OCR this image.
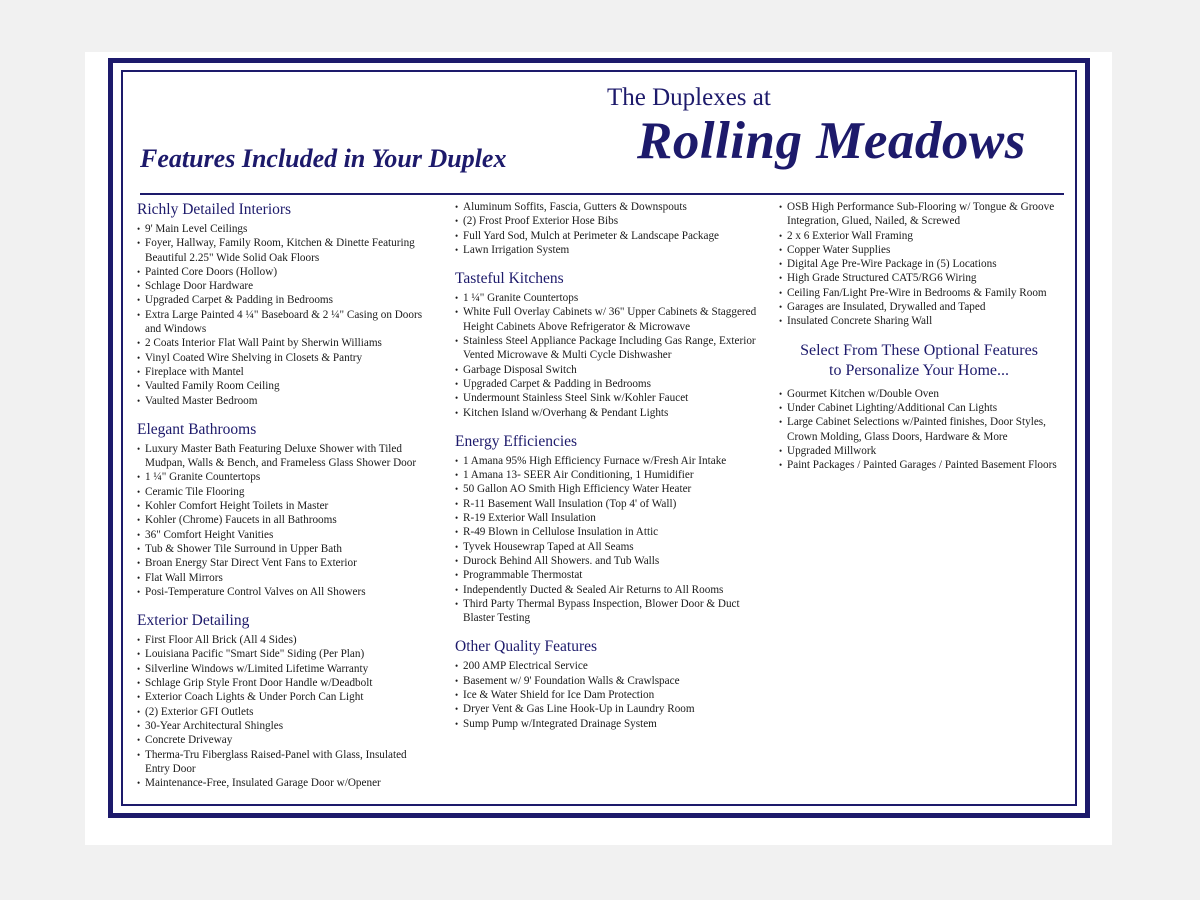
The Duplexes at
Rolling Meadows
Features Included in Your Duplex
Richly Detailed Interiors
• 9' Main Level Ceilings
• Foyer, Hallway, Family Room, Kitchen & Dinette Featuring Beautiful 2.25" Wide Solid Oak Floors
• Painted Core Doors (Hollow)
• Schlage Door Hardware
• Upgraded Carpet & Padding in Bedrooms
• Extra Large Painted 4 ¼" Baseboard & 2 ¼" Casing on Doors and Windows
• 2 Coats Interior Flat Wall Paint by Sherwin Williams
• Vinyl Coated Wire Shelving in Closets & Pantry
• Fireplace with Mantel
• Vaulted Family Room Ceiling
• Vaulted Master Bedroom
Elegant Bathrooms
• Luxury Master Bath Featuring Deluxe Shower with Tiled Mudpan, Walls & Bench, and Frameless Glass Shower Door
• 1 ¼" Granite Countertops
• Ceramic Tile Flooring
• Kohler Comfort Height Toilets in Master
• Kohler (Chrome) Faucets in all Bathrooms
• 36" Comfort Height Vanities
• Tub & Shower Tile Surround in Upper Bath
• Broan Energy Star Direct Vent Fans to Exterior
• Flat Wall Mirrors
• Posi-Temperature Control Valves on All Showers
Exterior Detailing
• First Floor All Brick (All 4 Sides)
• Louisiana Pacific "Smart Side" Siding (Per Plan)
• Silverline Windows w/Limited Lifetime Warranty
• Schlage Grip Style Front Door Handle w/Deadbolt
• Exterior Coach Lights & Under Porch Can Light
• (2) Exterior GFI Outlets
• 30-Year Architectural Shingles
• Concrete Driveway
• Therma-Tru Fiberglass Raised-Panel with Glass, Insulated Entry Door
• Maintenance-Free, Insulated Garage Door w/Opener
• Aluminum Soffits, Fascia, Gutters & Downspouts
• (2) Frost Proof Exterior Hose Bibs
• Full Yard Sod, Mulch at Perimeter & Landscape Package
• Lawn Irrigation System
Tasteful Kitchens
• 1 ¼" Granite Countertops
• White Full Overlay Cabinets w/ 36" Upper Cabinets & Staggered Height Cabinets Above Refrigerator & Microwave
• Stainless Steel Appliance Package Including Gas Range, Exterior Vented Microwave & Multi Cycle Dishwasher
• Garbage Disposal Switch
• Upgraded Carpet & Padding in Bedrooms
• Undermount Stainless Steel Sink w/Kohler Faucet
• Kitchen Island w/Overhang & Pendant Lights
Energy Efficiencies
• 1 Amana 95% High Efficiency Furnace w/Fresh Air Intake
• 1 Amana 13- SEER Air Conditioning, 1 Humidifier
• 50 Gallon AO Smith High Efficiency Water Heater
• R-11 Basement Wall Insulation (Top 4' of Wall)
• R-19 Exterior Wall Insulation
• R-49 Blown in Cellulose Insulation in Attic
• Tyvek Housewrap Taped at All Seams
• Durock Behind All Showers. and Tub Walls
• Programmable Thermostat
• Independently Ducted & Sealed Air Returns to All Rooms
• Third Party Thermal Bypass Inspection, Blower Door & Duct Blaster Testing
Other Quality Features
• 200 AMP Electrical Service
• Basement w/ 9' Foundation Walls & Crawlspace
• Ice & Water Shield for Ice Dam Protection
• Dryer Vent & Gas Line Hook-Up in Laundry Room
• Sump Pump w/Integrated Drainage System
• OSB High Performance Sub-Flooring w/ Tongue & Groove Integration, Glued, Nailed, & Screwed
• 2 x 6 Exterior Wall Framing
• Copper Water Supplies
• Digital Age Pre-Wire Package in (5) Locations
• High Grade Structured CAT5/RG6 Wiring
• Ceiling Fan/Light Pre-Wire in Bedrooms & Family Room
• Garages are Insulated, Drywalled and Taped
• Insulated Concrete Sharing Wall
Select From These Optional Features
to Personalize Your Home...
• Gourmet Kitchen w/Double Oven
• Under Cabinet Lighting/Additional Can Lights
• Large Cabinet Selections w/Painted finishes, Door Styles, Crown Molding, Glass Doors, Hardware & More
• Upgraded Millwork
• Paint Packages / Painted Garages / Painted Basement Floors
